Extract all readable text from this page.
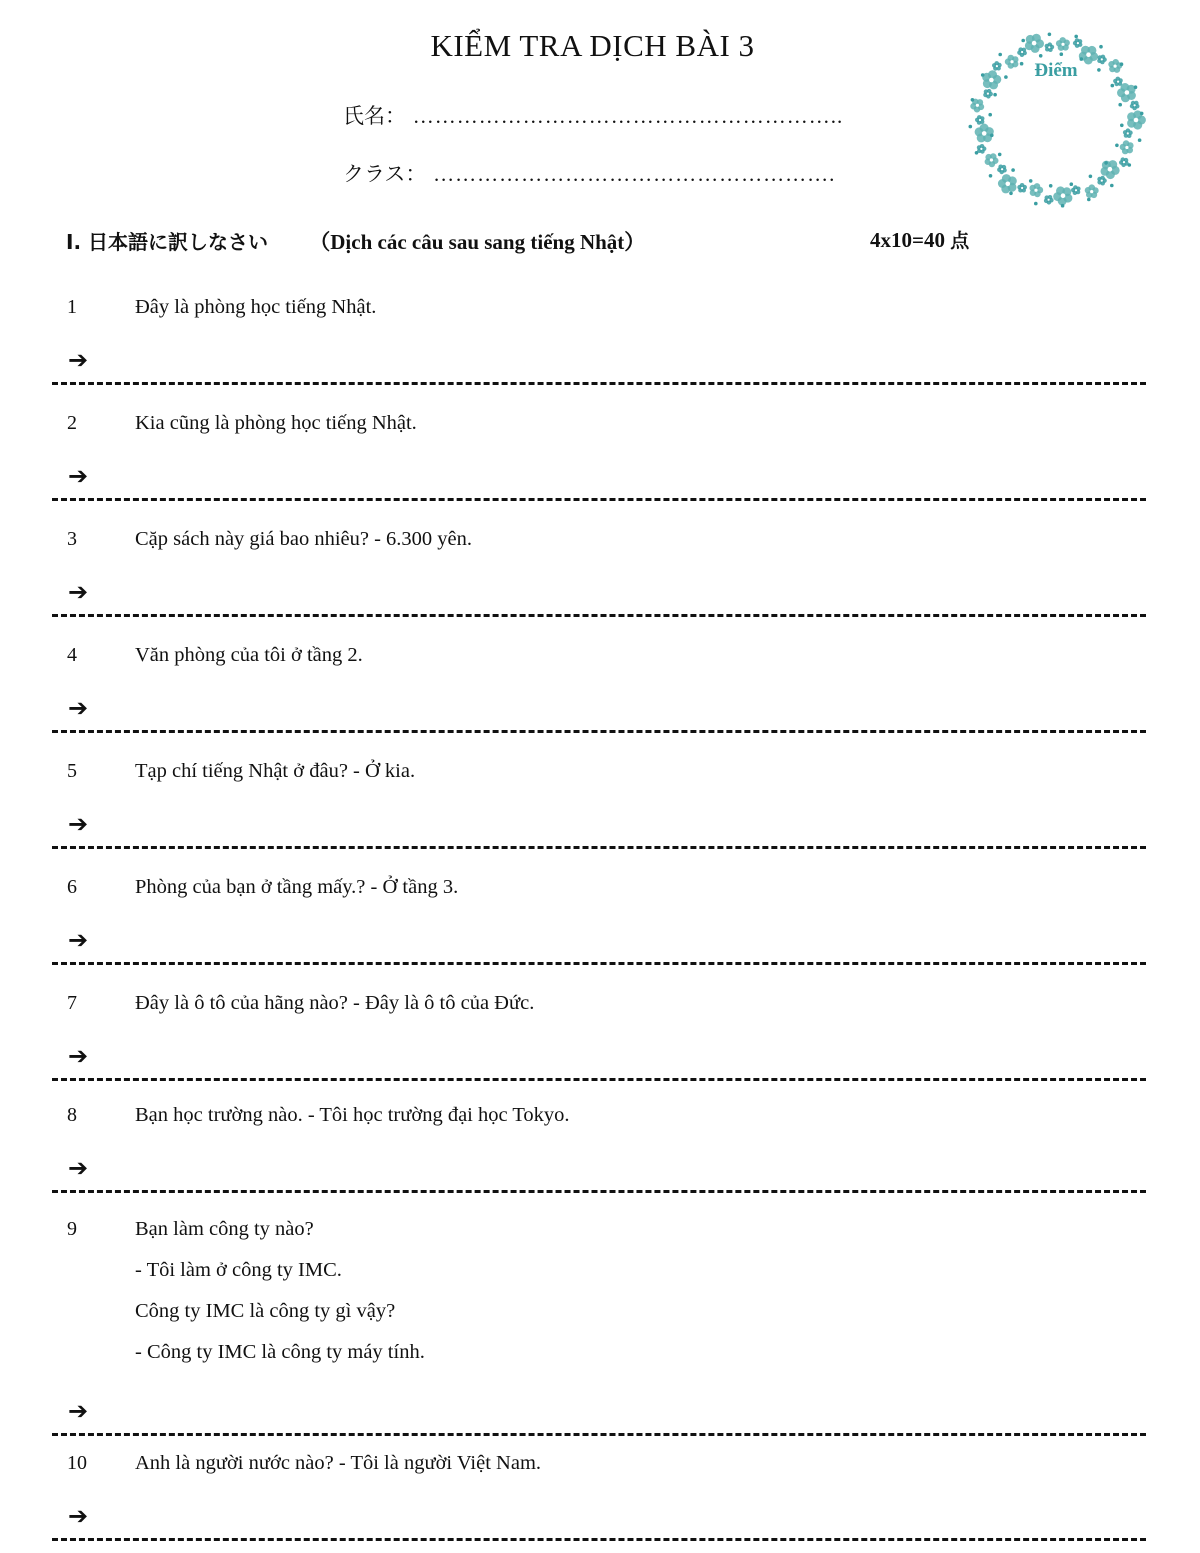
KIỂM TRA DỊCH BÀI 3
氏名： …………………………………………………..
クラス： ……………………………………………….
Điểm
I. 日本語に訳しなさい （Dịch các câu sau sang tiếng Nhật）	4x10=40 点
1	Đây là phòng học tiếng Nhật.
➔
2	Kia cũng là phòng học tiếng Nhật.
➔
3	Cặp sách này giá bao nhiêu? - 6.300 yên.
➔
4	Văn phòng của tôi ở tầng 2.
➔
5	Tạp chí tiếng Nhật ở đâu? - Ở kia.
➔
6	Phòng của bạn ở tầng mấy.? - Ở tầng 3.
➔
7	Đây là ô tô của hãng nào? - Đây là ô tô của Đức.
➔
8	Bạn học trường nào. - Tôi học trường đại học Tokyo.
➔
9	Bạn làm công ty nào?
- Tôi làm ở công ty IMC.
Công ty IMC là công ty gì vậy?
- Công ty IMC là công ty máy tính.
➔
10 Anh là người nước nào? - Tôi là người Việt Nam.
➔
